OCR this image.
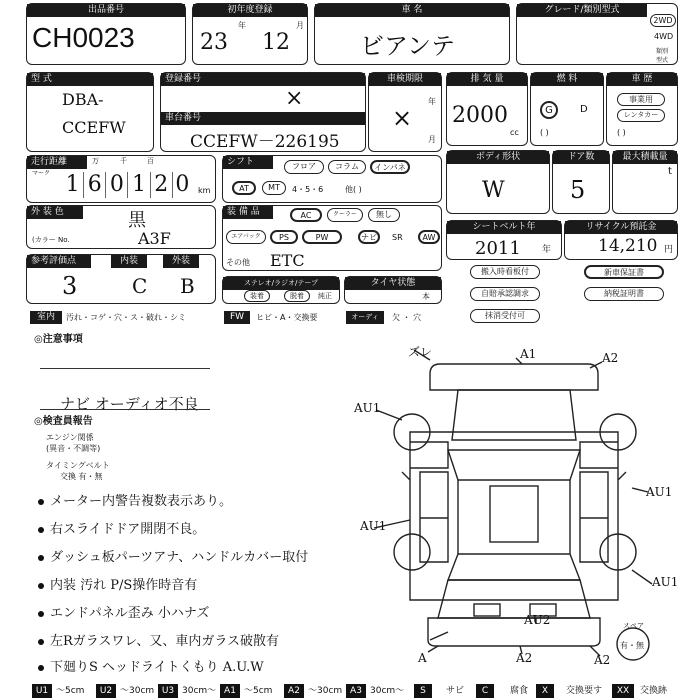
出品番号
CH0023
初年度登録
23
年
12
月
車 名
ビアンテ
グレード/類別型式
2WD
4WD
類別
型式
型 式
DBA-
CCEFW
登録番号
×
車台番号
CCEFW－226195
車検期限
×
年
月
排 気 量
2000
cc
燃 料
G	D
( )
車 歴
事業用
レンタカー
( )
走行距離
マーク
万	千	百
1 6 0 1 2 0	km
シフト	フロア	コラム	インパネ
AT	MT	4・5・6	他( )
ボディ形状
W
ドア数
5
最大積載量
t
外 装 色	黒
(カラー No.	A3F
装 備 品	AC	クーラー	無し
エアバック	PS	PW	ナビ	SR	AW
その他 ETC
シートベルト年
2011 年
リサイクル預託金
14,210 円
参考評価点	内装	外装
3	C B	ステレオ/ラジオ/テープ
装着	脱着	純正
タイヤ状態
本
搬入時看板付
自賠承認調求
抹消受付可
新車保証書
納税証明書
室内	汚れ・コゲ・穴・ス・破れ・シミ	FW	ヒビ・A・交換要	オーディオ
欠 ・ 穴
◎注意事項
ナビ オーディオ不良
◎検査員報告
エンジン関係
(異音・不調等)
タイミングベルト
交換 有・無
メーター内警告複数表示あり。
右スライドドア開閉不良。
ダッシュ板パーツアナ、ハンドルカバー取付
内装 汚れ P/S操作時音有
エンドパネル歪み 小ハナズ
左Rガラスワレ、又、車内ガラス破散有
下廻りS ヘッドライトくもり A.U.W
ズレ	A1	A2
AU1
AU1
AU1
AU1
AU2
A	A2	A2
スペア
有・無
U1 ～5cm	U2 ～30cm U3 30cm～ A1 ～5cm	A2 ～30cm A3 30cm～	S	サビ	C	腐食	X	交換要す	XX	交換跡
